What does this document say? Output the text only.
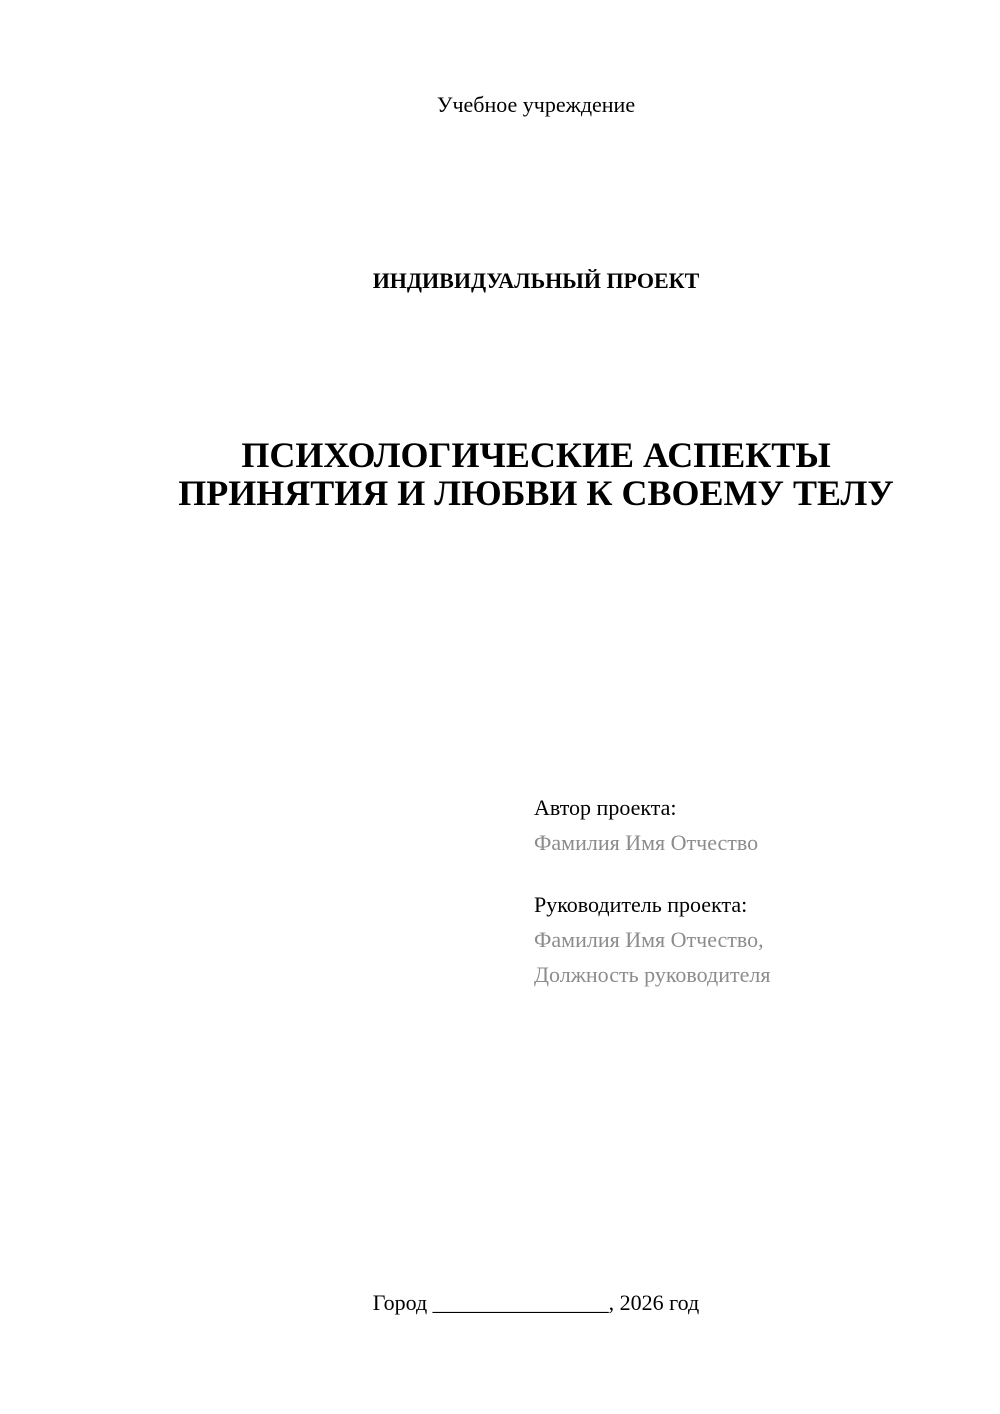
Учебное учреждение
ИНДИВИДУАЛЬНЫЙ ПРОЕКТ
ПСИХОЛОГИЧЕСКИЕ АСПЕКТЫ
ПРИНЯТИЯ И ЛЮБВИ К СВОЕМУ ТЕЛУ
Автор проекта:
Фамилия Имя Отчество
Руководитель проекта:
Фамилия Имя Отчество,
Должность руководителя
Город ________________, 2026 год
